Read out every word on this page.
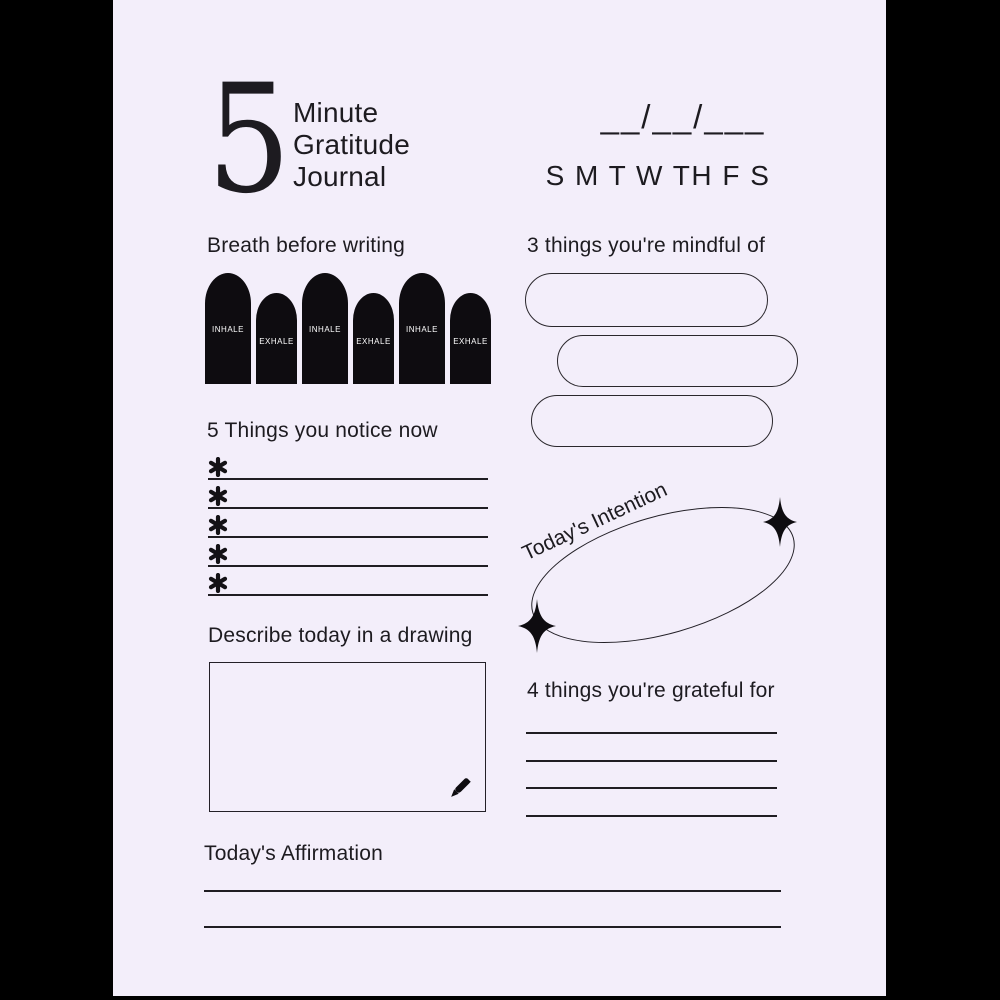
5 Minute
Gratitude
Journal
__/__/___
S M T W TH F S
Breath before writing
INHALE
EXHALE
INHALE
EXHALE
INHALE
EXHALE
3 things you're mindful of
5 Things you notice now
Today's Intention
Describe today in a drawing
4 things you're grateful for
Today's Affirmation
